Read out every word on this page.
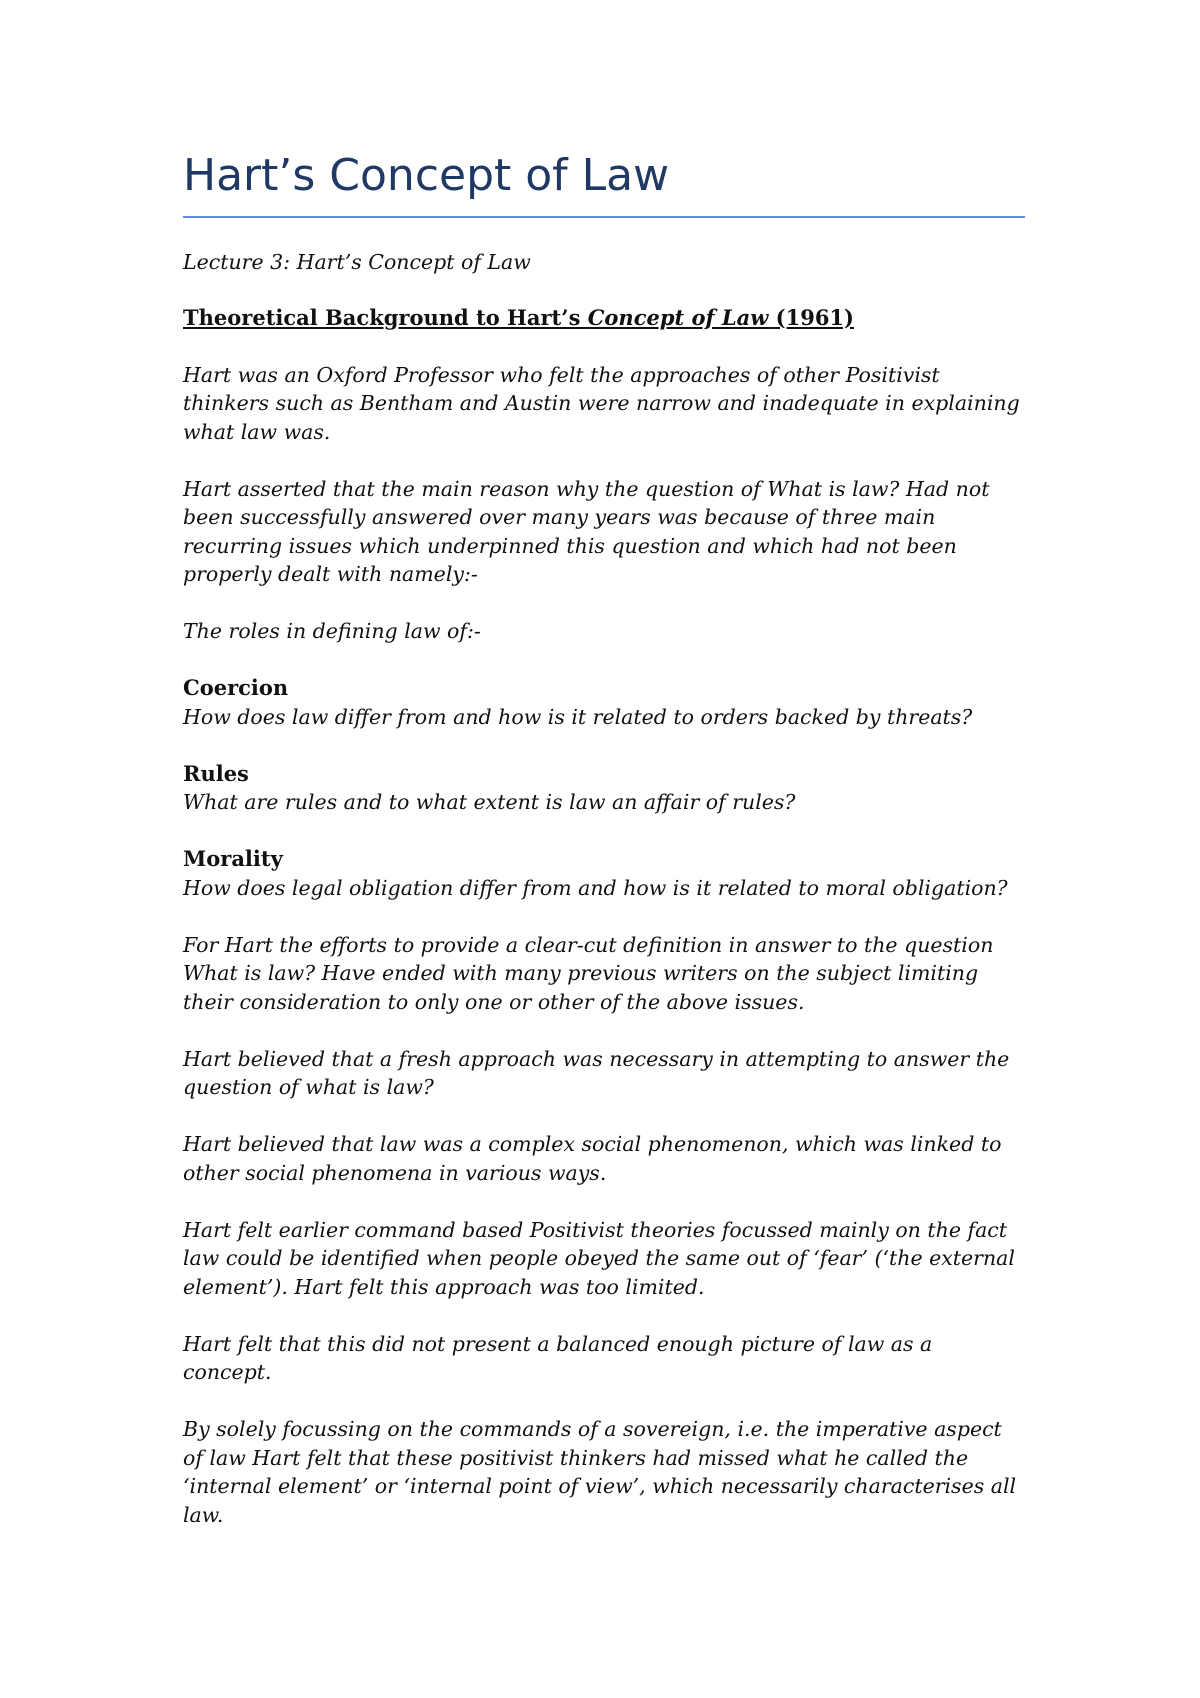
Hart’s Concept of Law

Lecture 3: Hart’s Concept of Law

Theoretical Background to Hart’s Concept of Law (1961)

Hart was an Oxford Professor who felt the approaches of other Positivist thinkers such as Bentham and Austin were narrow and inadequate in explaining what law was.

Hart asserted that the main reason why the question of What is law? Had not been successfully answered over many years was because of three main recurring issues which underpinned this question and which had not been properly dealt with namely:-

The roles in defining law of:-

Coercion

How does law differ from and how is it related to orders backed by threats?

Rules

What are rules and to what extent is law an affair of rules?

Morality

How does legal obligation differ from and how is it related to moral obligation?

For Hart the efforts to provide a clear-cut definition in answer to the question What is law? Have ended with many previous writers on the subject limiting their consideration to only one or other of the above issues.

Hart believed that a fresh approach was necessary in attempting to answer the question of what is law?

Hart believed that law was a complex social phenomenon, which was linked to other social phenomena in various ways.

Hart felt earlier command based Positivist theories focussed mainly on the fact law could be identified when people obeyed the same out of ‘fear’ (‘the external element’). Hart felt this approach was too limited.

Hart felt that this did not present a balanced enough picture of law as a concept.

By solely focussing on the commands of a sovereign, i.e. the imperative aspect of law Hart felt that these positivist thinkers had missed what he called the ‘internal element’ or ‘internal point of view’, which necessarily characterises all law.
